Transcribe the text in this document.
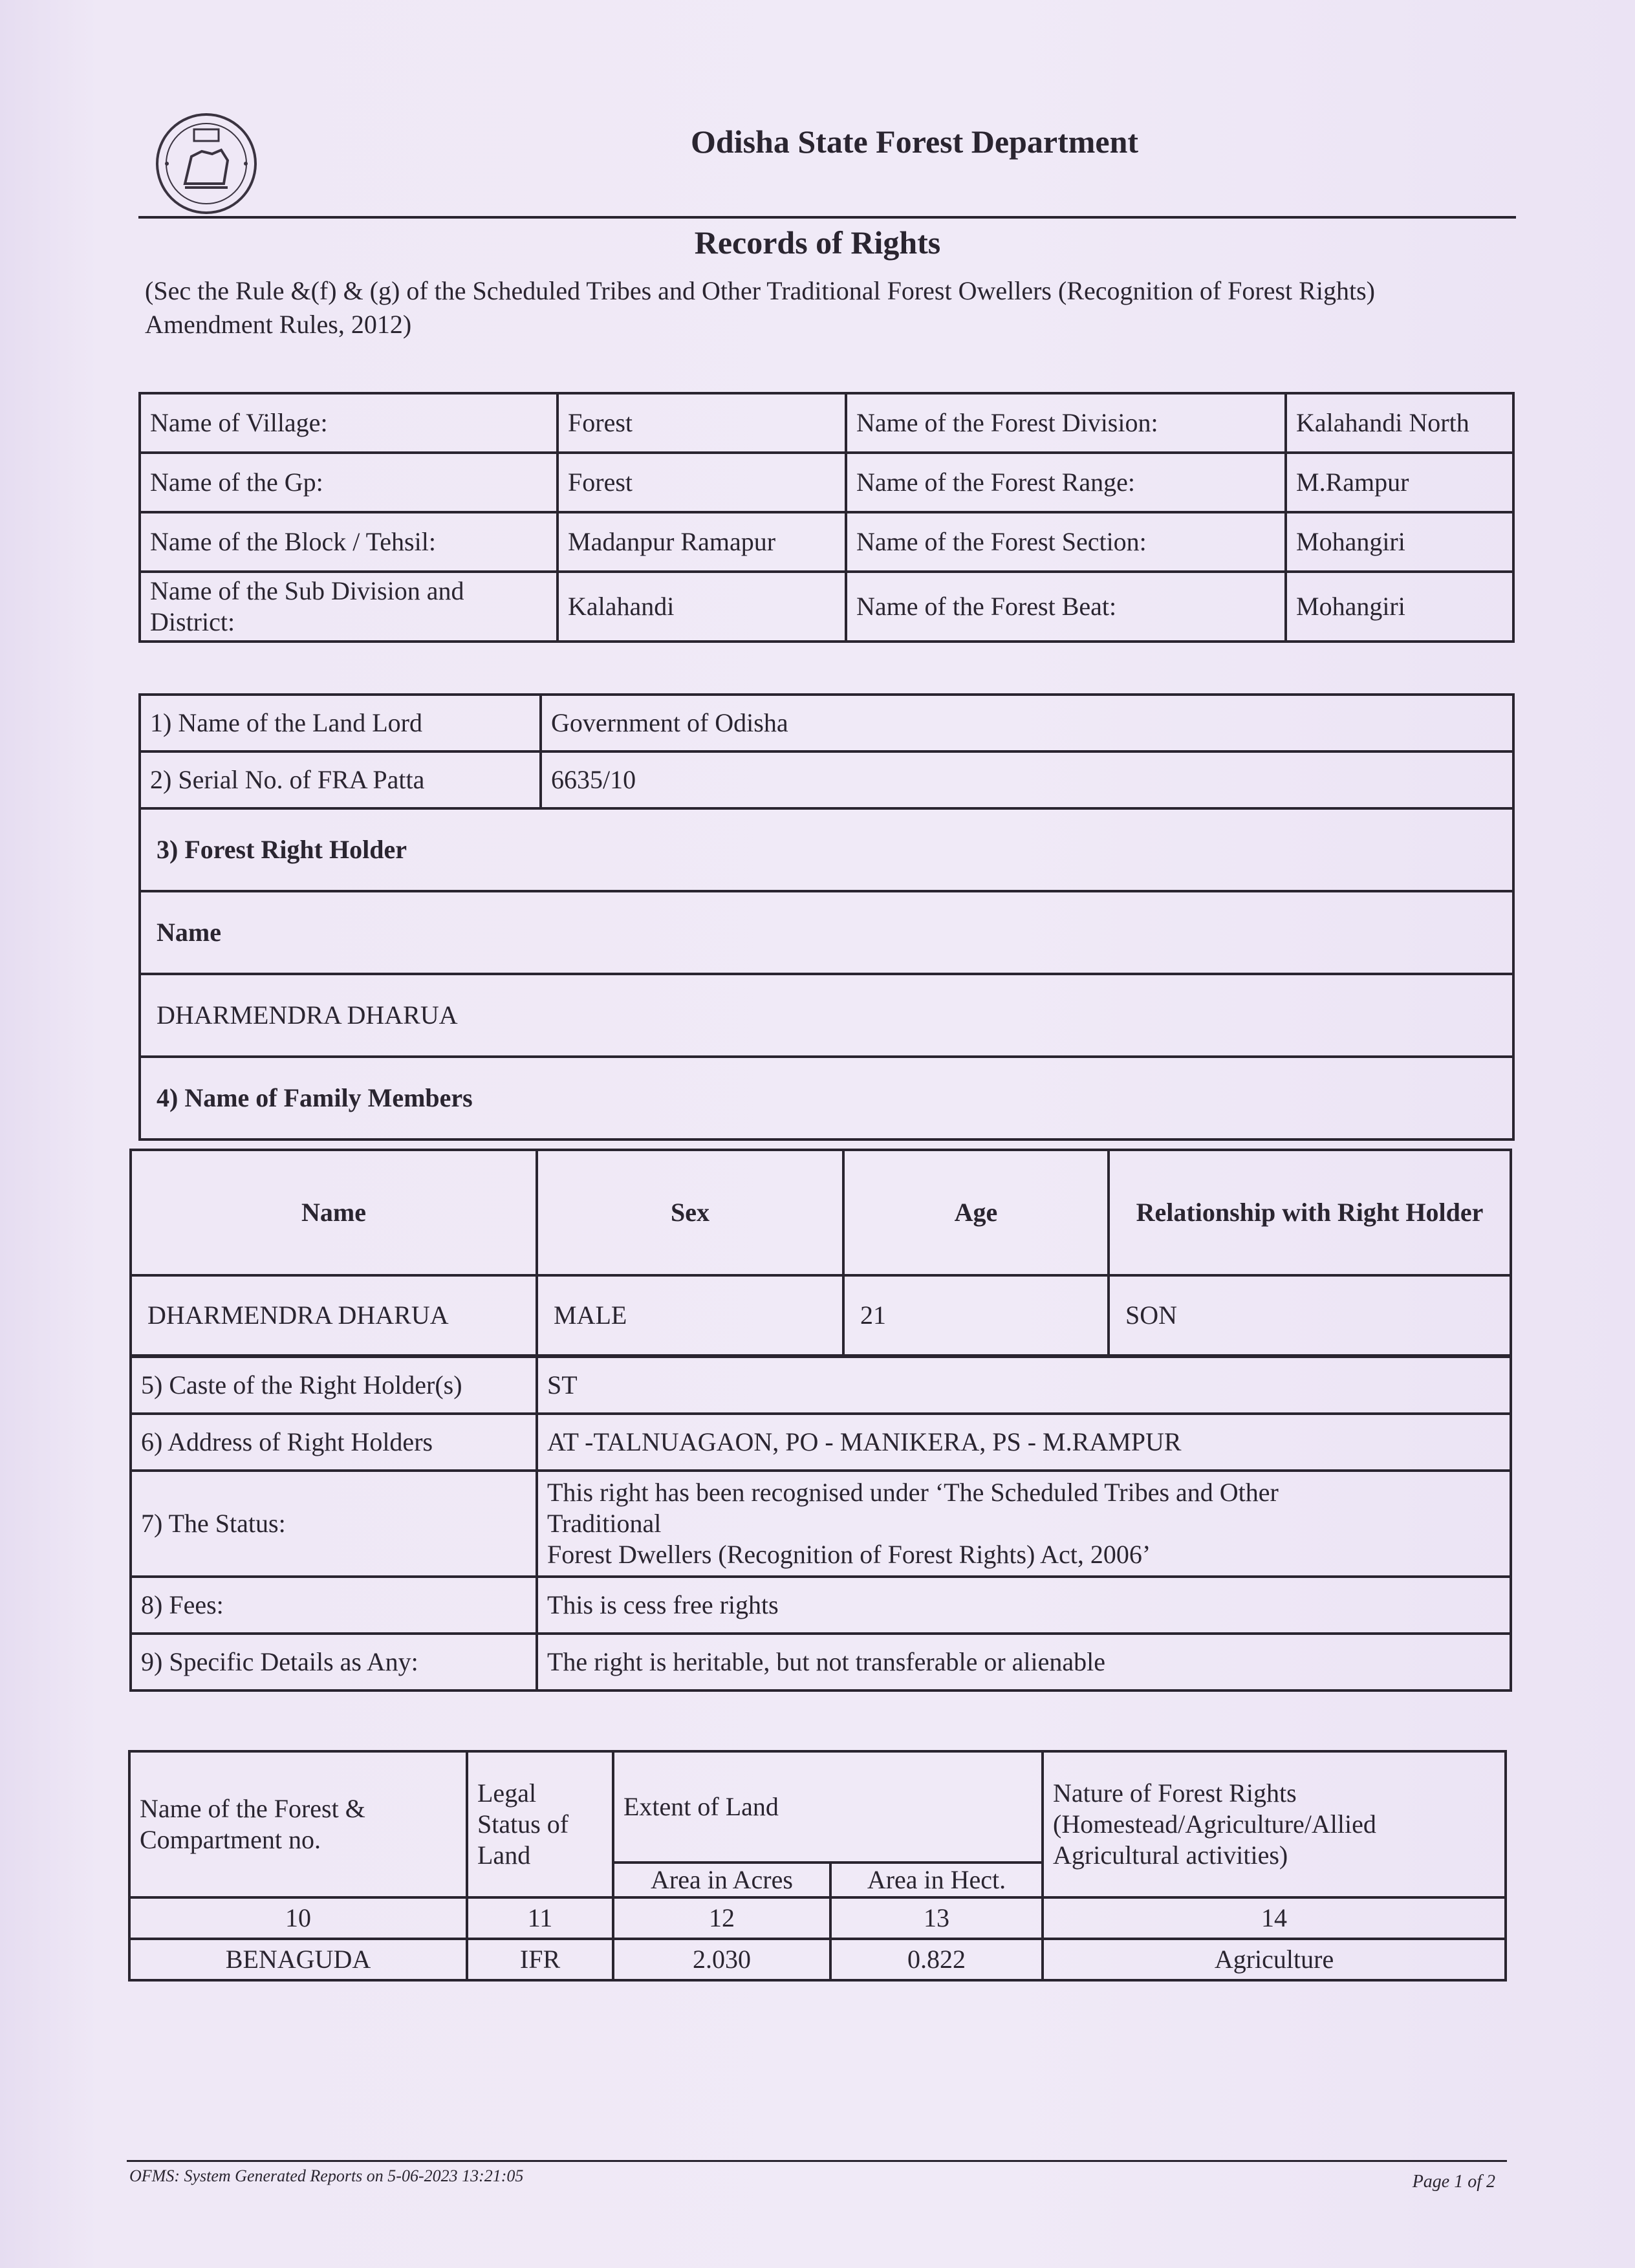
Odisha State Forest Department
Records of Rights
(Sec the Rule &(f) & (g) of the Scheduled Tribes and Other Traditional Forest Owellers (Recognition of Forest Rights) Amendment Rules, 2012)
Name of Village:	Forest	Name of the Forest Division:	Kalahandi North
Name of the Gp:	Forest	Name of the Forest Range:	M.Rampur
Name of the Block / Tehsil:	Madanpur Ramapur	Name of the Forest Section:	Mohangiri
Name of the Sub Division and District:	Kalahandi	Name of the Forest Beat:	Mohangiri
1) Name of the Land Lord	Government of Odisha
2) Serial No. of FRA Patta	6635/10
3) Forest Right Holder	
Name	
DHARMENDRA DHARUA	
4) Name of Family Members	
Name	Sex	Age	Relationship with Right Holder
DHARMENDRA DHARUA	MALE	21	SON
5) Caste of the Right Holder(s)	ST
6) Address of Right Holders	AT -TALNUAGAON, PO - MANIKERA, PS - M.RAMPUR
7) The Status:	This right has been recognised under ‘The Scheduled Tribes and Other
Traditional
Forest Dwellers (Recognition of Forest Rights) Act, 2006’

8) Fees:	This is cess free rights
9) Specific Details as Any:	The right is heritable, but not transferable or alienable
Name of the Forest & Compartment no.	Legal Status of Land	Extent of Land		Nature of Forest Rights (Homestead/Agriculture/Allied Agricultural activities)
		Area in Acres	Area in Hect.	
10	11	12	13	14
BENAGUDA	IFR	2.030	0.822	Agriculture
OFMS: System Generated Reports on 5-06-2023 13:21:05	Page 1 of 2
